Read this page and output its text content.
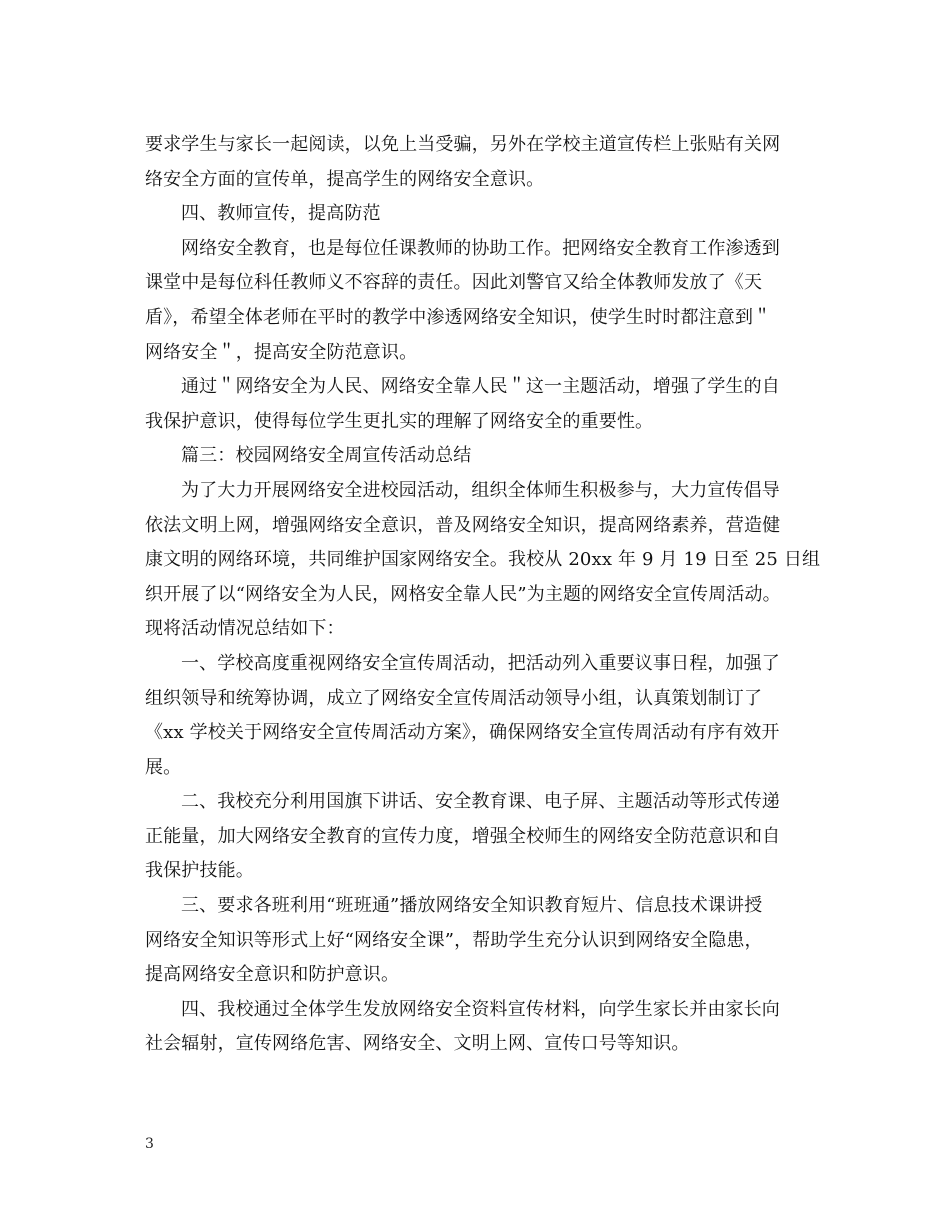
要求学生与家长一起阅读，以免上当受骗，另外在学校主道宣传栏上张贴有关网
络安全方面的宣传单，提高学生的网络安全意识。
四、教师宣传，提高防范
网络安全教育，也是每位任课教师的协助工作。把网络安全教育工作渗透到
课堂中是每位科任教师义不容辞的责任。因此刘警官又给全体教师发放了《天
盾》，希望全体老师在平时的教学中渗透网络安全知识，使学生时时都注意到＂
网络安全＂，提高安全防范意识。
通过＂网络安全为人民、网络安全靠人民＂这一主题活动，增强了学生的自
我保护意识，使得每位学生更扎实的理解了网络安全的重要性。
篇三：校园网络安全周宣传活动总结
为了大力开展网络安全进校园活动，组织全体师生积极参与，大力宣传倡导
依法文明上网，增强网络安全意识，普及网络安全知识，提高网络素养，营造健
康文明的网络环境，共同维护国家网络安全。我校从 20xx 年 9 月 19 日至 25 日组
织开展了以“网络安全为人民，网格安全靠人民”为主题的网络安全宣传周活动。
现将活动情况总结如下：
一、学校高度重视网络安全宣传周活动，把活动列入重要议事日程，加强了
组织领导和统筹协调，成立了网络安全宣传周活动领导小组，认真策划制订了
《xx 学校关于网络安全宣传周活动方案》，确保网络安全宣传周活动有序有效开
展。
二、我校充分利用国旗下讲话、安全教育课、电子屏、主题活动等形式传递
正能量，加大网络安全教育的宣传力度，增强全校师生的网络安全防范意识和自
我保护技能。
三、要求各班利用“班班通”播放网络安全知识教育短片、信息技术课讲授
网络安全知识等形式上好“网络安全课”，帮助学生充分认识到网络安全隐患，
提高网络安全意识和防护意识。
四、我校通过全体学生发放网络安全资料宣传材料，向学生家长并由家长向
社会辐射，宣传网络危害、网络安全、文明上网、宣传口号等知识。
3
